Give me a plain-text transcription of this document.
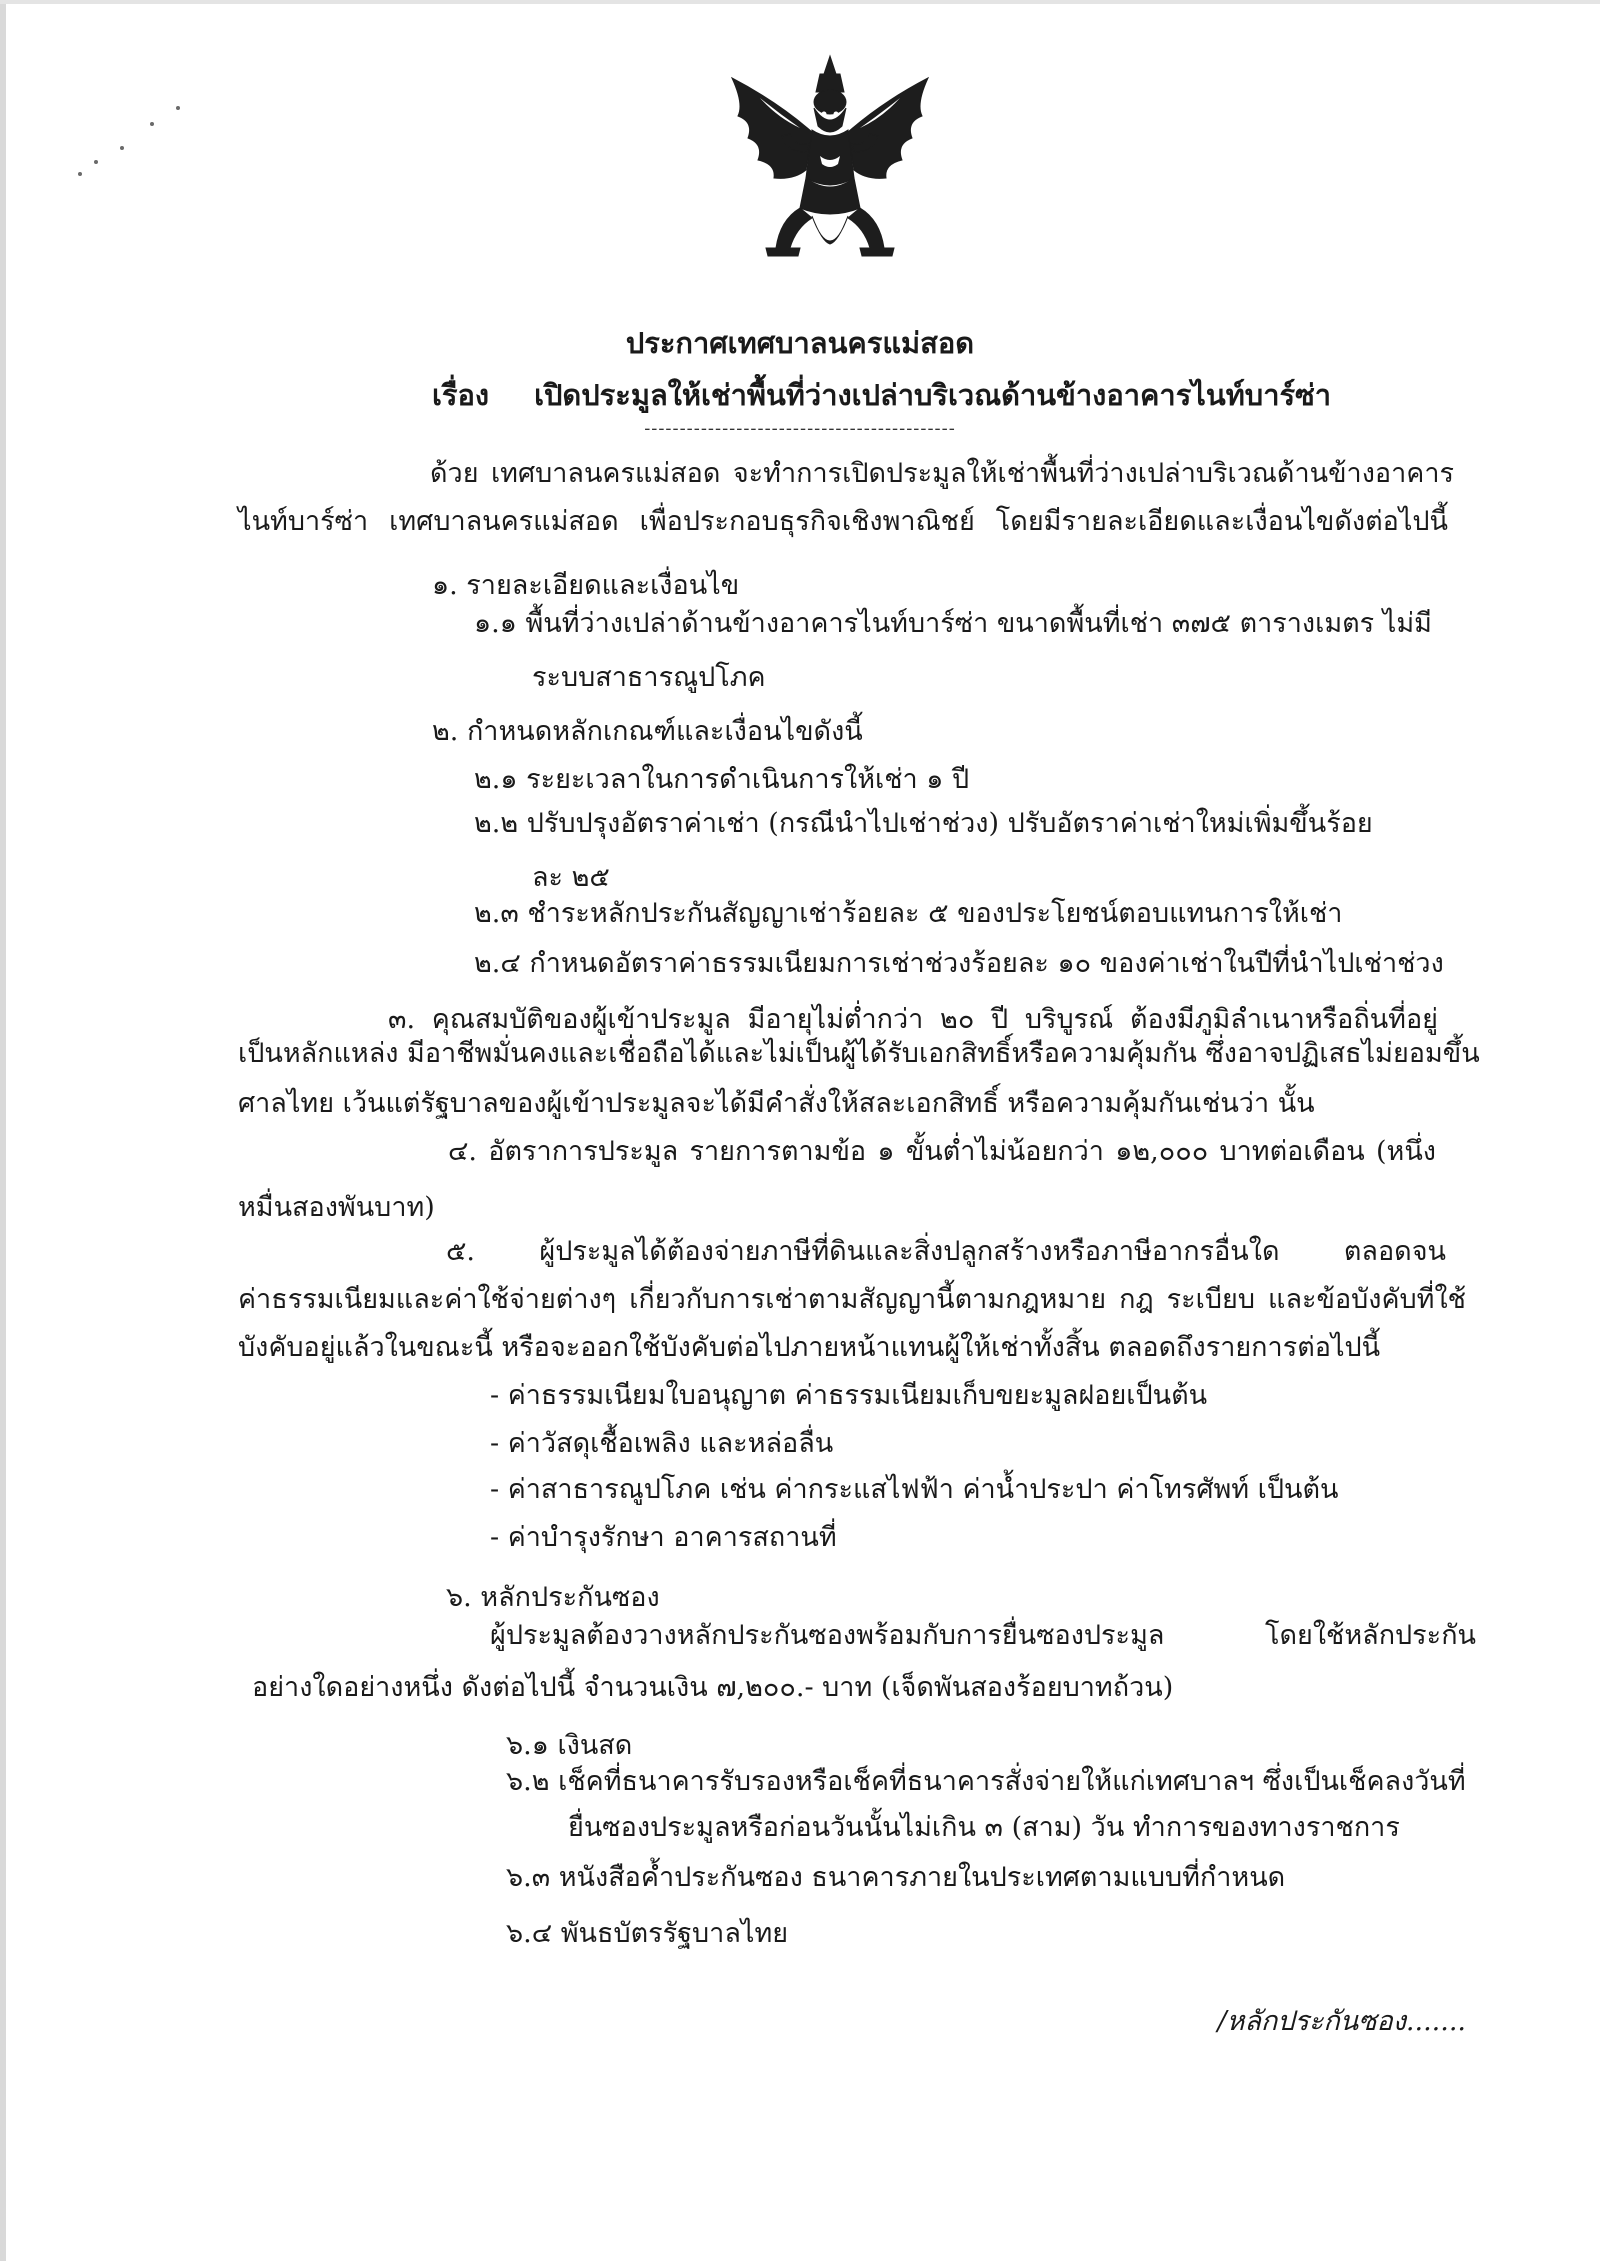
ประกาศเทศบาลนครแม่สอด
เรื่อง เปิดประมูลให้เช่าพื้นที่ว่างเปล่าบริเวณด้านข้างอาคารไนท์บาร์ซ่า
--------------------------------------------
ด้วย เทศบาลนครแม่สอด จะทำการเปิดประมูลให้เช่าพื้นที่ว่างเปล่าบริเวณด้านข้างอาคาร
ไนท์บาร์ซ่า เทศบาลนครแม่สอด เพื่อประกอบธุรกิจเชิงพาณิชย์ โดยมีรายละเอียดและเงื่อนไขดังต่อไปนี้
๑. รายละเอียดและเงื่อนไข
๑.๑ พื้นที่ว่างเปล่าด้านข้างอาคารไนท์บาร์ซ่า ขนาดพื้นที่เช่า ๓๗๕ ตารางเมตร ไม่มี
ระบบสาธารณูปโภค
๒. กำหนดหลักเกณฑ์และเงื่อนไขดังนี้
๒.๑ ระยะเวลาในการดำเนินการให้เช่า ๑ ปี
๒.๒ ปรับปรุงอัตราค่าเช่า (กรณีนำไปเช่าช่วง) ปรับอัตราค่าเช่าใหม่เพิ่มขึ้นร้อย
ละ ๒๕
๒.๓ ชำระหลักประกันสัญญาเช่าร้อยละ ๕ ของประโยชน์ตอบแทนการให้เช่า
๒.๔ กำหนดอัตราค่าธรรมเนียมการเช่าช่วงร้อยละ ๑๐ ของค่าเช่าในปีที่นำไปเช่าช่วง
๓. คุณสมบัติของผู้เข้าประมูล มีอายุไม่ต่ำกว่า ๒๐ ปี บริบูรณ์ ต้องมีภูมิลำเนาหรือถิ่นที่อยู่
เป็นหลักแหล่ง มีอาชีพมั่นคงและเชื่อถือได้และไม่เป็นผู้ได้รับเอกสิทธิ์หรือความคุ้มกัน ซึ่งอาจปฏิเสธไม่ยอมขึ้น
ศาลไทย เว้นแต่รัฐบาลของผู้เข้าประมูลจะได้มีคำสั่งให้สละเอกสิทธิ์ หรือความคุ้มกันเช่นว่า นั้น
๔. อัตราการประมูล รายการตามข้อ ๑ ขั้นต่ำไม่น้อยกว่า ๑๒,๐๐๐ บาทต่อเดือน (หนึ่ง
หมื่นสองพันบาท)
๕. ผู้ประมูลได้ต้องจ่ายภาษีที่ดินและสิ่งปลูกสร้างหรือภาษีอากรอื่นใด ตลอดจน
ค่าธรรมเนียมและค่าใช้จ่ายต่างๆ เกี่ยวกับการเช่าตามสัญญานี้ตามกฎหมาย กฎ ระเบียบ และข้อบังคับที่ใช้
บังคับอยู่แล้วในขณะนี้ หรือจะออกใช้บังคับต่อไปภายหน้าแทนผู้ให้เช่าทั้งสิ้น ตลอดถึงรายการต่อไปนี้
- ค่าธรรมเนียมใบอนุญาต ค่าธรรมเนียมเก็บขยะมูลฝอยเป็นต้น
- ค่าวัสดุเชื้อเพลิง และหล่อลื่น
- ค่าสาธารณูปโภค เช่น ค่ากระแสไฟฟ้า ค่าน้ำประปา ค่าโทรศัพท์ เป็นต้น
- ค่าบำรุงรักษา อาคารสถานที่
๖. หลักประกันซอง
ผู้ประมูลต้องวางหลักประกันซองพร้อมกับการยื่นซองประมูล โดยใช้หลักประกัน
อย่างใดอย่างหนึ่ง ดังต่อไปนี้ จำนวนเงิน ๗,๒๐๐.- บาท (เจ็ดพันสองร้อยบาทถ้วน)
๖.๑ เงินสด
๖.๒ เช็คที่ธนาคารรับรองหรือเช็คที่ธนาคารสั่งจ่ายให้แก่เทศบาลฯ ซึ่งเป็นเช็คลงวันที่
ยื่นซองประมูลหรือก่อนวันนั้นไม่เกิน ๓ (สาม) วัน ทำการของทางราชการ
๖.๓ หนังสือค้ำประกันซอง ธนาคารภายในประเทศตามแบบที่กำหนด
๖.๔ พันธบัตรรัฐบาลไทย
/หลักประกันซอง.......
